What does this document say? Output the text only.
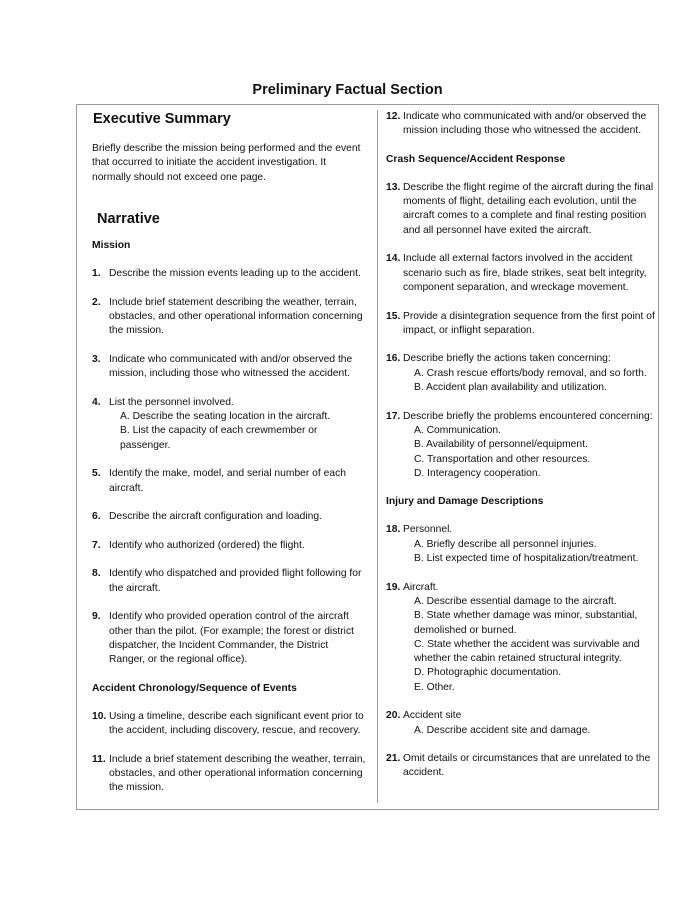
Preliminary Factual Section

Executive Summary

Briefly describe the mission being performed and the event that occurred to initiate the accident investigation. It normally should not exceed one page.

Narrative

Mission

1. Describe the mission events leading up to the accident.
2. Include brief statement describing the weather, terrain, obstacles, and other operational information concerning the mission.
3. Indicate who communicated with and/or observed the mission, including those who witnessed the accident.
4. List the personnel involved.
A. Describe the seating location in the aircraft.
B. List the capacity of each crewmember or passenger.
5. Identify the make, model, and serial number of each aircraft.
6. Describe the aircraft configuration and loading.
7. Identify who authorized (ordered) the flight.
8. Identify who dispatched and provided flight following for the aircraft.
9. Identify who provided operation control of the aircraft other than the pilot. (For example; the forest or district dispatcher, the Incident Commander, the District Ranger, or the regional office).

Accident Chronology/Sequence of Events

10. Using a timeline, describe each significant event prior to the accident, including discovery, rescue, and recovery.
11. Include a brief statement describing the weather, terrain, obstacles, and other operational information concerning the mission.
12. Indicate who communicated with and/or observed the mission including those who witnessed the accident.

Crash Sequence/Accident Response

13. Describe the flight regime of the aircraft during the final moments of flight, detailing each evolution, until the aircraft comes to a complete and final resting position and all personnel have exited the aircraft.
14. Include all external factors involved in the accident scenario such as fire, blade strikes, seat belt integrity, component separation, and wreckage movement.
15. Provide a disintegration sequence from the first point of impact, or inflight separation.
16. Describe briefly the actions taken concerning:
A. Crash rescue efforts/body removal, and so forth.
B. Accident plan availability and utilization.
17. Describe briefly the problems encountered concerning:
A. Communication.
B. Availability of personnel/equipment.
C. Transportation and other resources.
D. Interagency cooperation.

Injury and Damage Descriptions

18. Personnel.
A. Briefly describe all personnel injuries.
B. List expected time of hospitalization/treatment.
19. Aircraft.
A. Describe essential damage to the aircraft.
B. State whether damage was minor, substantial, demolished or burned.
C. State whether the accident was survivable and whether the cabin retained structural integrity.
D. Photographic documentation.
E. Other.
20. Accident site
A. Describe accident site and damage.
21. Omit details or circumstances that are unrelated to the accident.
